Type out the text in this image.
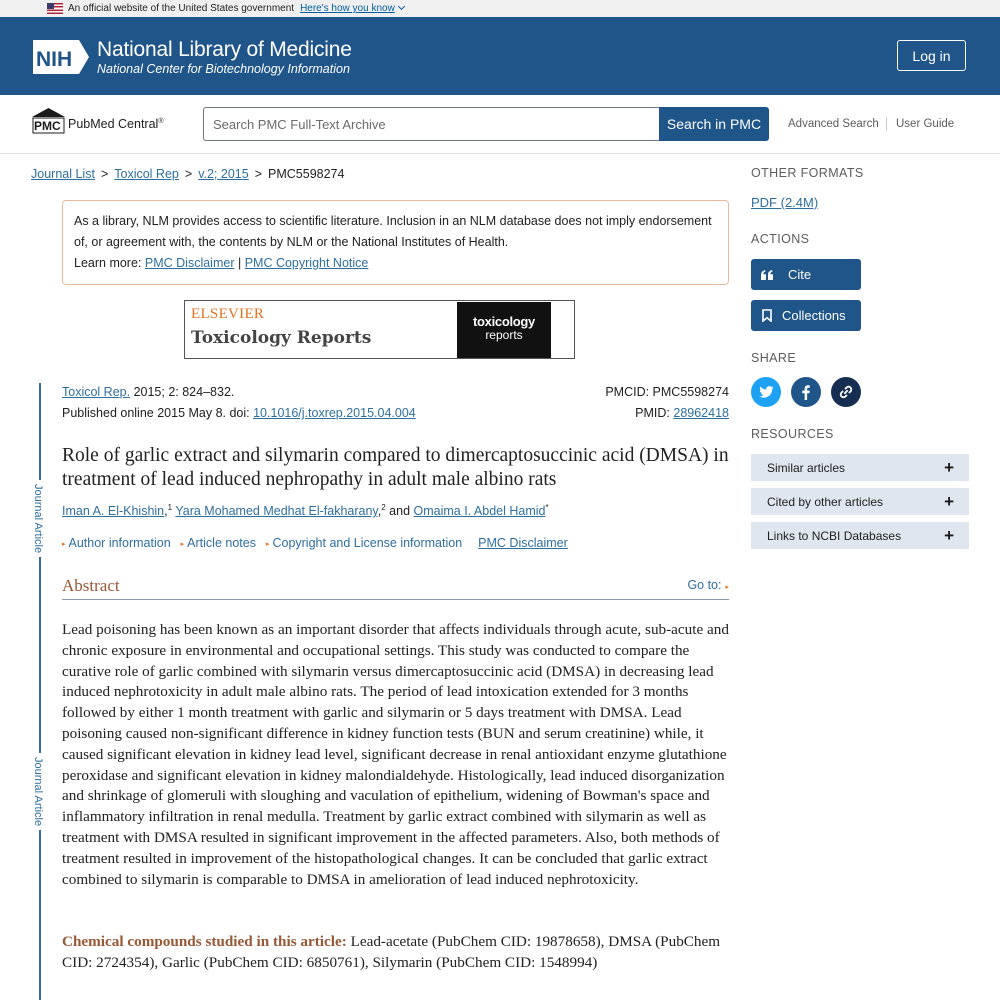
An official website of the United States government Here's how you know
NIH National Library of Medicine
National Center for Biotechnology Information
Log in
PMC PubMed Central®
Search PMC Full-Text Archive	Search in PMC	Advanced Search User Guide
Journal List > Toxicol Rep > v.2; 2015 > PMC5598274
As a library, NLM provides access to scientific literature. Inclusion in an NLM database does not imply endorsement of, or agreement with, the contents by NLM or the National Institutes of Health.
Learn more: PMC Disclaimer | PMC Copyright Notice
ELSEVIER
Toxicology Reports
toxicology
reports
Journal Article
Journal Article
Toxicol Rep. 2015; 2: 824–832.
Published online 2015 May 8. doi: 10.1016/j.toxrep.2015.04.004
PMCID: PMC5598274
PMID: 28962418
Role of garlic extract and silymarin compared to dimercaptosuccinic acid (DMSA) in treatment of lead induced nephropathy in adult male albino rats
Iman A. El-Khishin,$^1$ Yara Mohamed Medhat El-fakharany,$^2$ and Omaima I. Abdel Hamid*
▸ Author information ▸ Article notes ▸ Copyright and License information PMC Disclaimer
Abstract	Go to: ▸

Lead poisoning has been known as an important disorder that affects individuals through acute, sub-acute and chronic exposure in environmental and occupational settings. This study was conducted to compare the curative role of garlic combined with silymarin versus dimercaptosuccinic acid (DMSA) in decreasing lead induced nephrotoxicity in adult male albino rats. The period of lead intoxication extended for 3 months followed by either 1 month treatment with garlic and silymarin or 5 days treatment with DMSA. Lead poisoning caused non-significant difference in kidney function tests (BUN and serum creatinine) while, it caused significant elevation in kidney lead level, significant decrease in renal antioxidant enzyme glutathione peroxidase and significant elevation in kidney malondialdehyde. Histologically, lead induced disorganization and shrinkage of glomeruli with sloughing and vaculation of epithelium, widening of Bowman's space and inflammatory infiltration in renal medulla. Treatment by garlic extract combined with silymarin as well as treatment with DMSA resulted in significant improvement in the affected parameters. Also, both methods of treatment resulted in improvement of the histopathological changes. It can be concluded that garlic extract combined to silymarin is comparable to DMSA in amelioration of lead induced nephrotoxicity.

Chemical compounds studied in this article: Lead-acetate (PubChem CID: 19878658), DMSA (PubChem CID: 2724354), Garlic (PubChem CID: 6850761), Silymarin (PubChem CID: 1548994)

OTHER FORMATS
PDF (2.4M)
ACTIONS
Cite
Collections
SHARE
RESOURCES
Similar articles	+
Cited by other articles	+
Links to NCBI Databases	+
